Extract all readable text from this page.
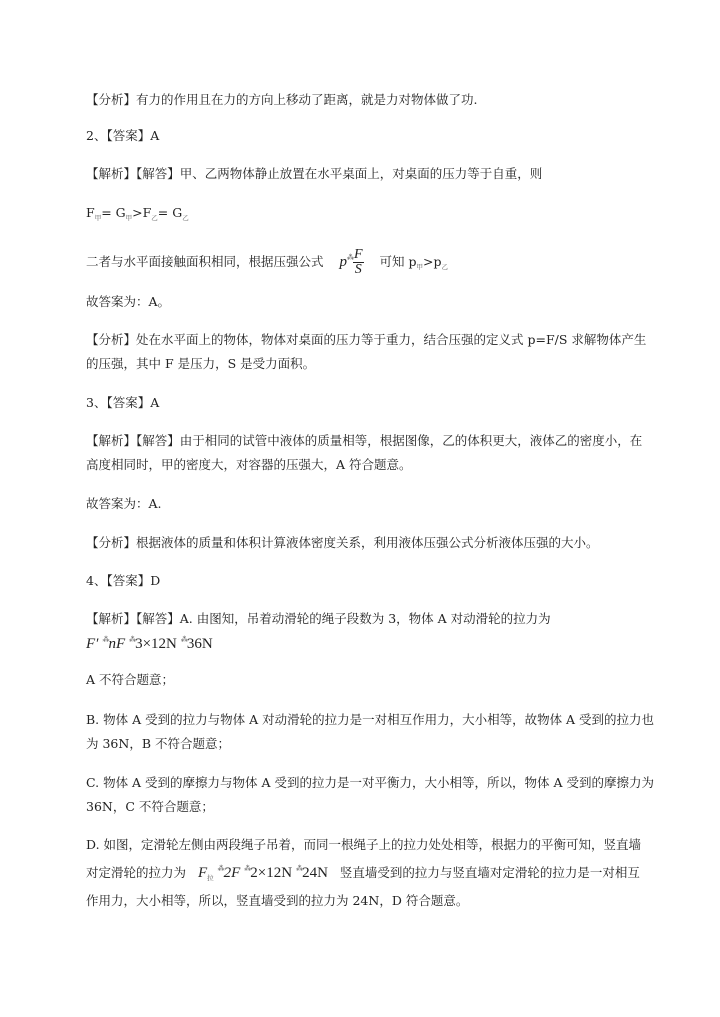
【分析】有力的作用且在力的方向上移动了距离，就是力对物体做了功.
2、【答案】A
【解析】【解答】甲、乙两物体静止放置在水平桌面上，对桌面的压力等于自重，则
$F_甲= G_甲>F_乙= G_乙$
二者与水平面接触面积相同，根据压强公式 $p^⁂ \frac{F}{S}$ 可知 $p_甲>p_乙$
故答案为：A。
【分析】处在水平面上的物体，物体对桌面的压力等于重力，结合压强的定义式 p=F/S 求解物体产生
的压强，其中 F 是压力，S 是受力面积。
3、【答案】A
【解析】【解答】由于相同的试管中液体的质量相等，根据图像，乙的体积更大，液体乙的密度小，在
高度相同时，甲的密度大，对容器的压强大，A 符合题意。
故答案为：A.
【分析】根据液体的质量和体积计算液体密度关系，利用液体压强公式分析液体压强的大小。
4、【答案】D
【解析】【解答】A. 由图知，吊着动滑轮的绳子段数为 3，物体 A 对动滑轮的拉力为
F′ ⁂nF ⁂3×12N ⁂36N
A 不符合题意；
B. 物体 A 受到的拉力与物体 A 对动滑轮的拉力是一对相互作用力，大小相等，故物体 A 受到的拉力也
为 36N，B 不符合题意；
C. 物体 A 受到的摩擦力与物体 A 受到的拉力是一对平衡力，大小相等，所以，物体 A 受到的摩擦力为
36N，C 不符合题意；
D. 如图，定滑轮左侧由两段绳子吊着，而同一根绳子上的拉力处处相等，根据力的平衡可知，竖直墙
对定滑轮的拉力为 $F_拉$ ⁂2F ⁂2×12N ⁂24N 竖直墙受到的拉力与竖直墙对定滑轮的拉力是一对相互
作用力，大小相等，所以，竖直墙受到的拉力为 24N，D 符合题意。
